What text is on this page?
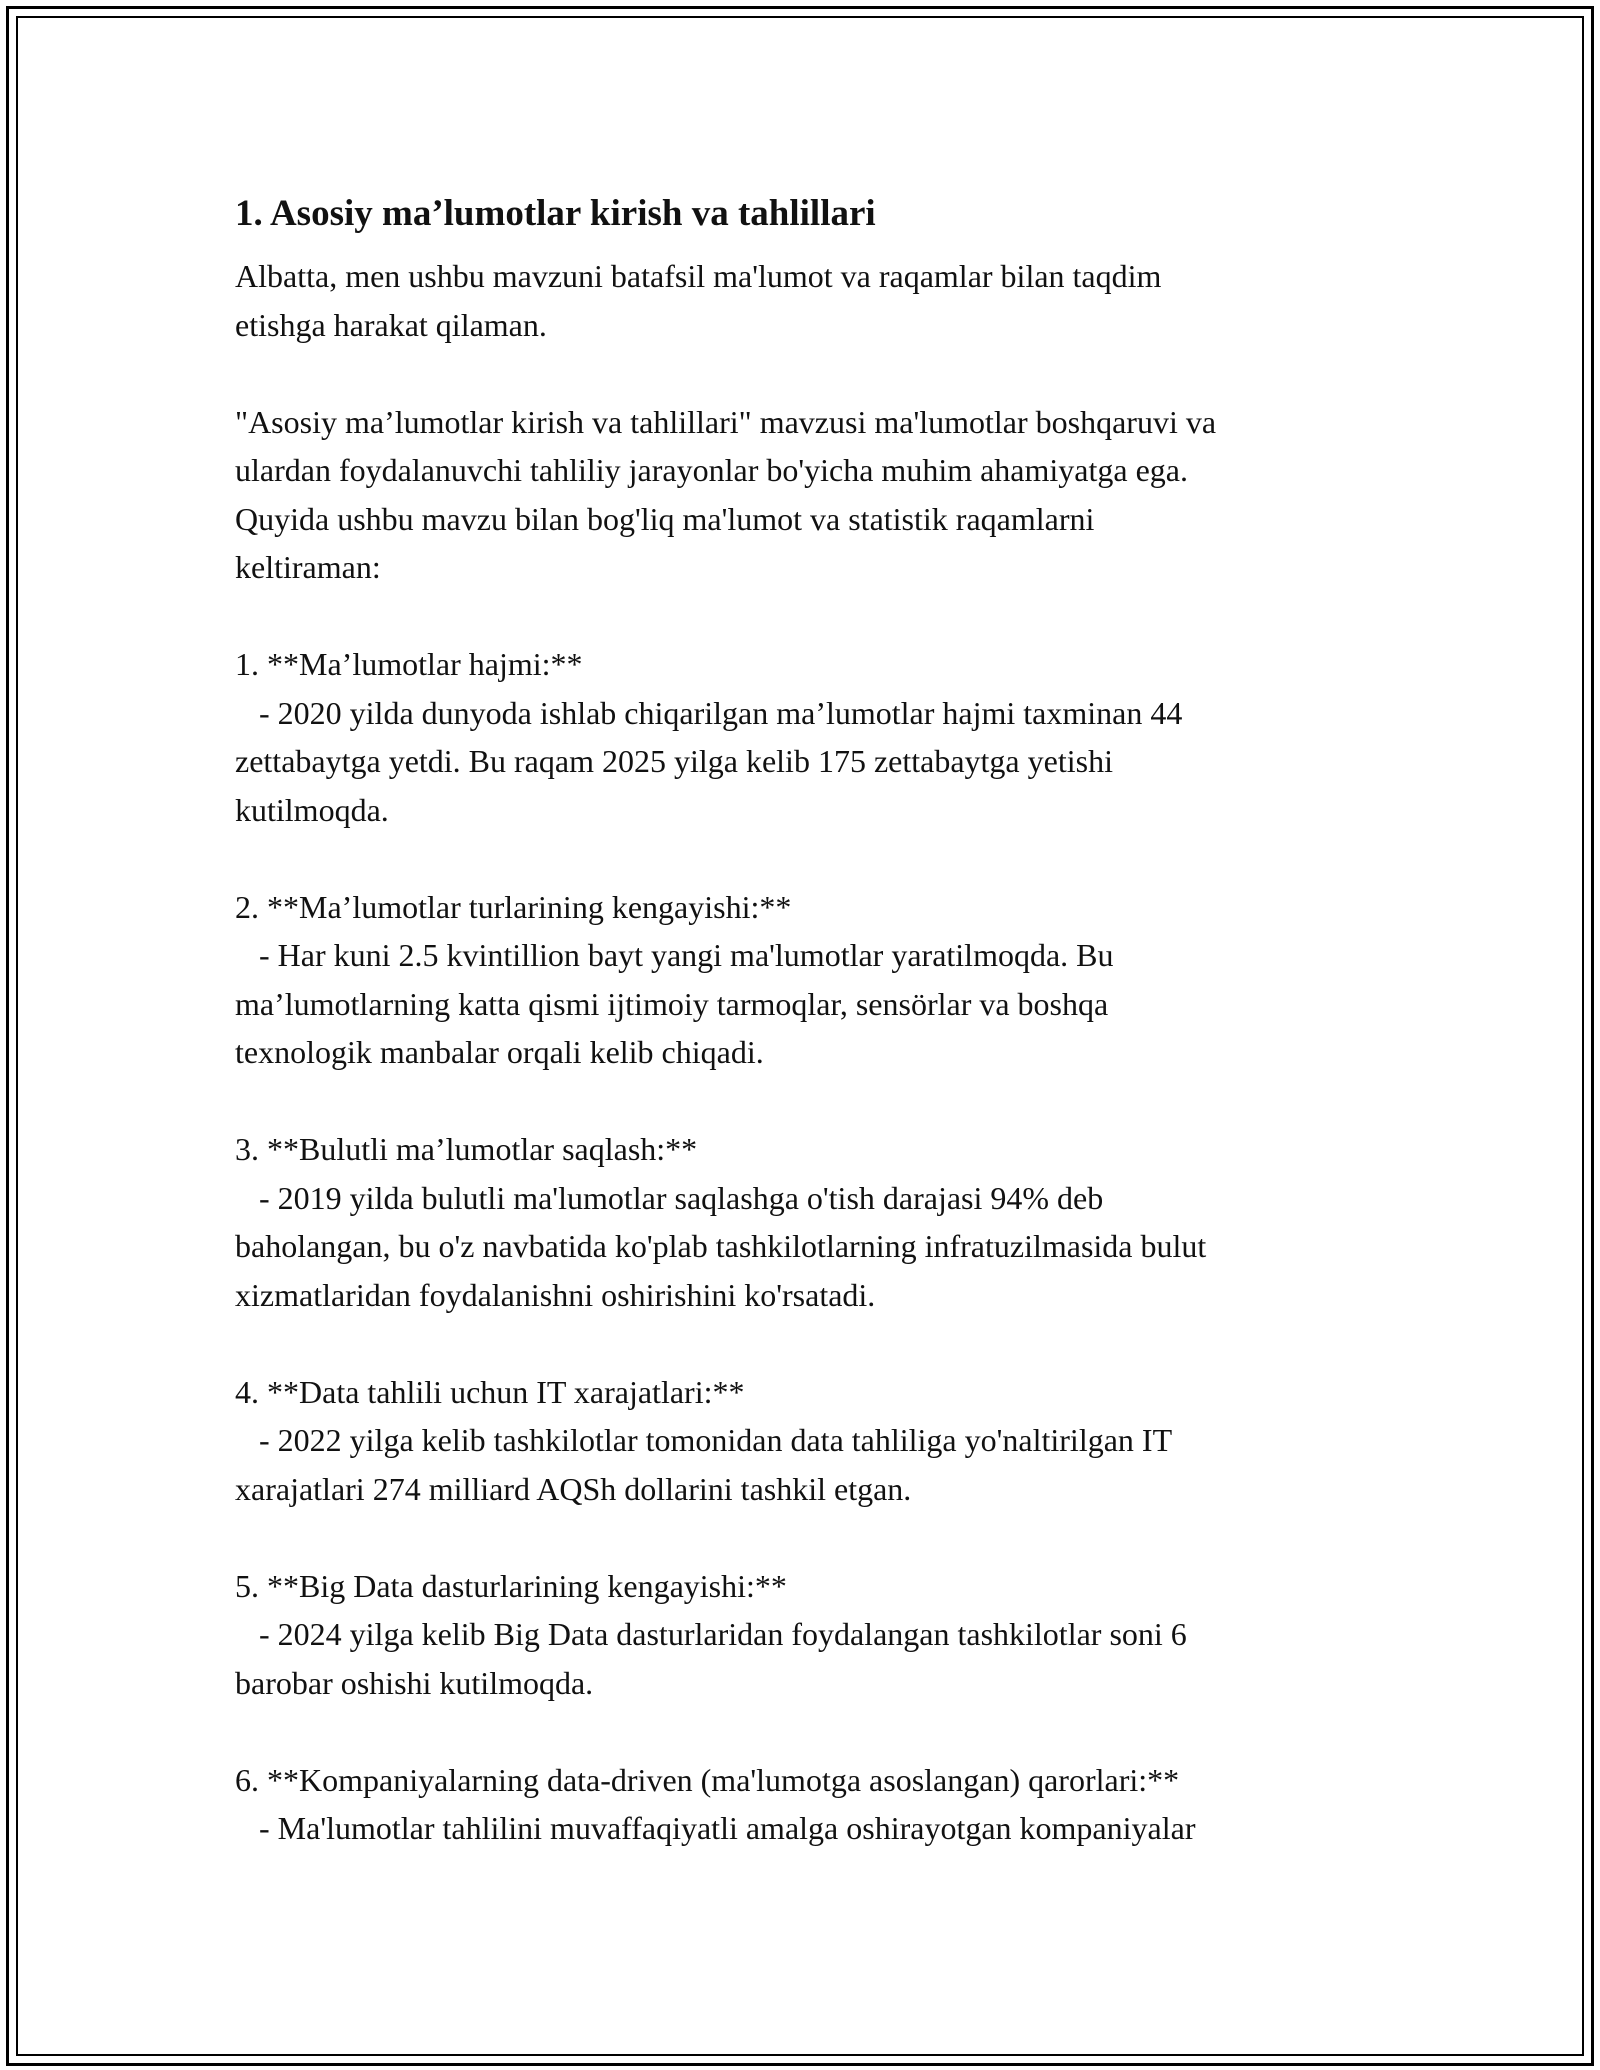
1. Asosiy ma’lumotlar kirish va tahlillari

Albatta, men ushbu mavzuni batafsil ma'lumot va raqamlar bilan taqdim

etishga harakat qilaman.

"Asosiy ma’lumotlar kirish va tahlillari" mavzusi ma'lumotlar boshqaruvi va

ulardan foydalanuvchi tahliliy jarayonlar bo'yicha muhim ahamiyatga ega.

Quyida ushbu mavzu bilan bog'liq ma'lumot va statistik raqamlarni

keltiraman:

1. **Ma’lumotlar hajmi:**

- 2020 yilda dunyoda ishlab chiqarilgan ma’lumotlar hajmi taxminan 44

zettabaytga yetdi. Bu raqam 2025 yilga kelib 175 zettabaytga yetishi

kutilmoqda.

2. **Ma’lumotlar turlarining kengayishi:**

- Har kuni 2.5 kvintillion bayt yangi ma'lumotlar yaratilmoqda. Bu

ma’lumotlarning katta qismi ijtimoiy tarmoqlar, sensörlar va boshqa

texnologik manbalar orqali kelib chiqadi.

3. **Bulutli ma’lumotlar saqlash:**

- 2019 yilda bulutli ma'lumotlar saqlashga o'tish darajasi 94% deb

baholangan, bu o'z navbatida ko'plab tashkilotlarning infratuzilmasida bulut

xizmatlaridan foydalanishni oshirishini ko'rsatadi.

4. **Data tahlili uchun IT xarajatlari:**

- 2022 yilga kelib tashkilotlar tomonidan data tahliliga yo'naltirilgan IT

xarajatlari 274 milliard AQSh dollarini tashkil etgan.

5. **Big Data dasturlarining kengayishi:**

- 2024 yilga kelib Big Data dasturlaridan foydalangan tashkilotlar soni 6

barobar oshishi kutilmoqda.

6. **Kompaniyalarning data-driven (ma'lumotga asoslangan) qarorlari:**

- Ma'lumotlar tahlilini muvaffaqiyatli amalga oshirayotgan kompaniyalar
